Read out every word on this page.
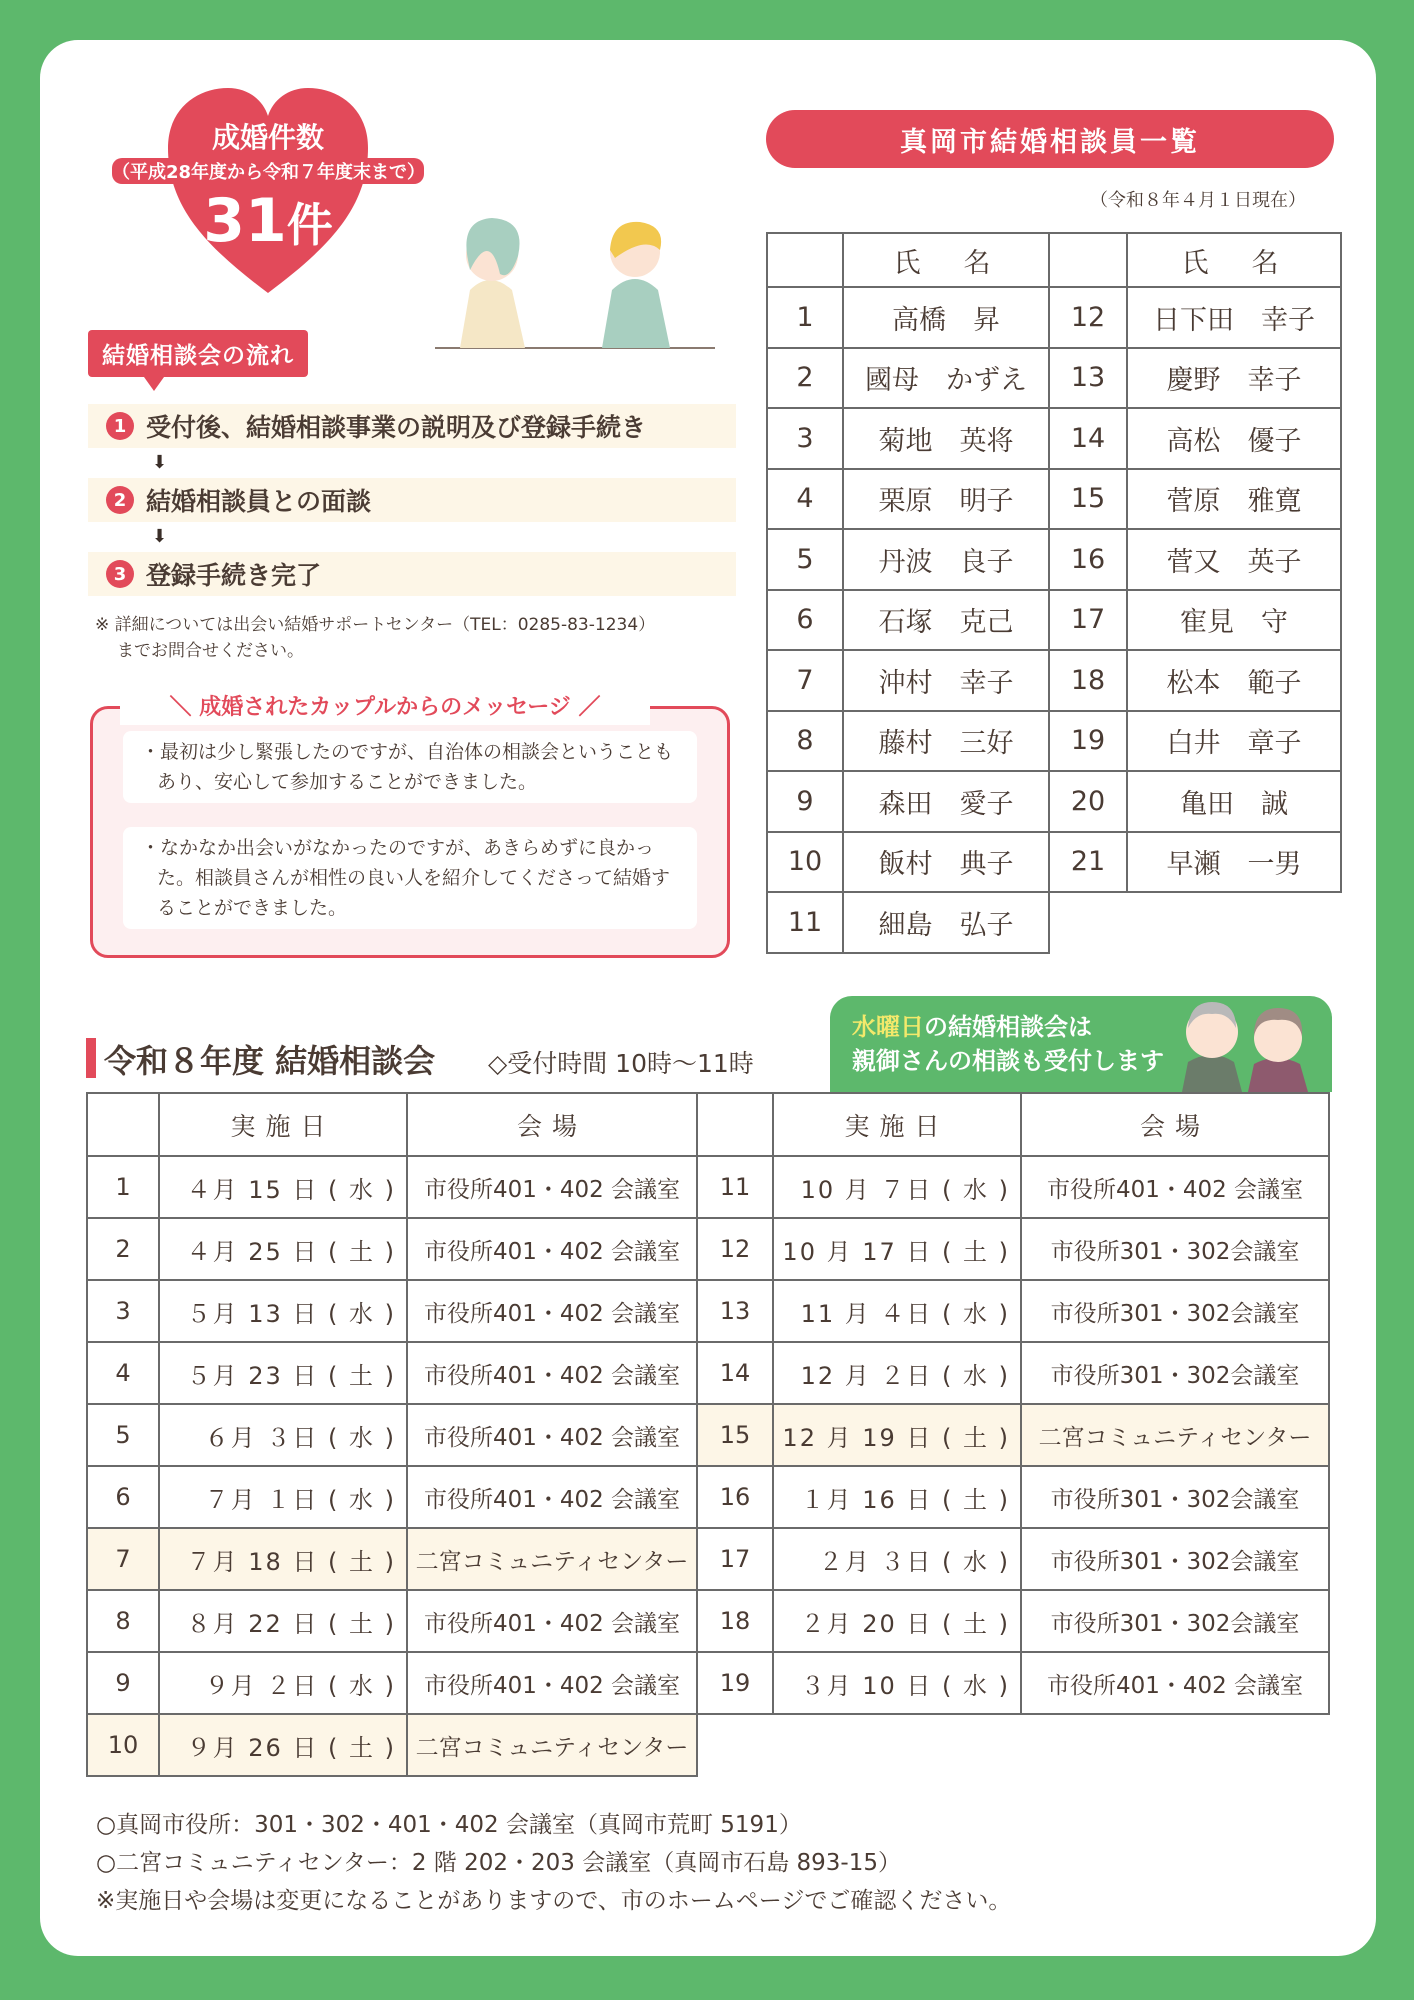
成婚件数
（平成28年度から令和７年度末まで）
31件
結婚相談会の流れ
1 受付後、結婚相談事業の説明及び登録手続き
⬇
2 結婚相談員との面談
⬇
3 登録手続き完了
※ 詳細については出会い結婚サポートセンター（TEL：0285-83-1234）
までお問合せください。
・最初は少し緊張したのですが、自治体の相談会ということもあり、安心して参加することができました。
・なかなか出会いがなかったのですが、あきらめずに良かった。相談員さんが相性の良い人を紹介してくださって結婚することができました。
＼ 成婚されたカップルからのメッセージ ／
真岡市結婚相談員一覧
（令和８年４月１日現在）
	氏　名		氏　名
1	高橋　昇	12	日下田　幸子
2	國母　かずえ	13	慶野　幸子
3	菊地　英将	14	高松　優子
4	栗原　明子	15	菅原　雅寛
5	丹波　良子	16	菅又　英子
6	石塚　克己	17	寉見　守
7	沖村　幸子	18	松本　範子
8	藤村　三好	19	白井　章子
9	森田　愛子	20	亀田　誠
10	飯村　典子	21	早瀬　一男
11	細島　弘子		
令和８年度 結婚相談会 ◇受付時間 10時〜11時
水曜日の結婚相談会は
親御さんの相談も受付します
	実施日	会場		実施日	会場
1	４月 15 日 ( 水 )	市役所401・402 会議室	11	10 月 ７日 ( 水 )	市役所401・402 会議室
2	４月 25 日 ( 土 )	市役所401・402 会議室	12	10 月 17 日 ( 土 )	市役所301・302会議室
3	５月 13 日 ( 水 )	市役所401・402 会議室	13	11 月 ４日 ( 水 )	市役所301・302会議室
4	５月 23 日 ( 土 )	市役所401・402 会議室	14	12 月 ２日 ( 水 )	市役所301・302会議室
5	６月 ３日 ( 水 )	市役所401・402 会議室	15	12 月 19 日 ( 土 )	二宮コミュニティセンター
6	７月 １日 ( 水 )	市役所401・402 会議室	16	１月 16 日 ( 土 )	市役所301・302会議室
7	７月 18 日 ( 土 )	二宮コミュニティセンター	17	２月 ３日 ( 水 )	市役所301・302会議室
8	８月 22 日 ( 土 )	市役所401・402 会議室	18	２月 20 日 ( 土 )	市役所301・302会議室
9	９月 ２日 ( 水 )	市役所401・402 会議室	19	３月 10 日 ( 水 )	市役所401・402 会議室
10	９月 26 日 ( 土 )	二宮コミュニティセンター			
○真岡市役所：301・302・401・402 会議室（真岡市荒町 5191）
○二宮コミュニティセンター：2 階 202・203 会議室（真岡市石島 893-15）
※実施日や会場は変更になることがありますので、市のホームページでご確認ください。
